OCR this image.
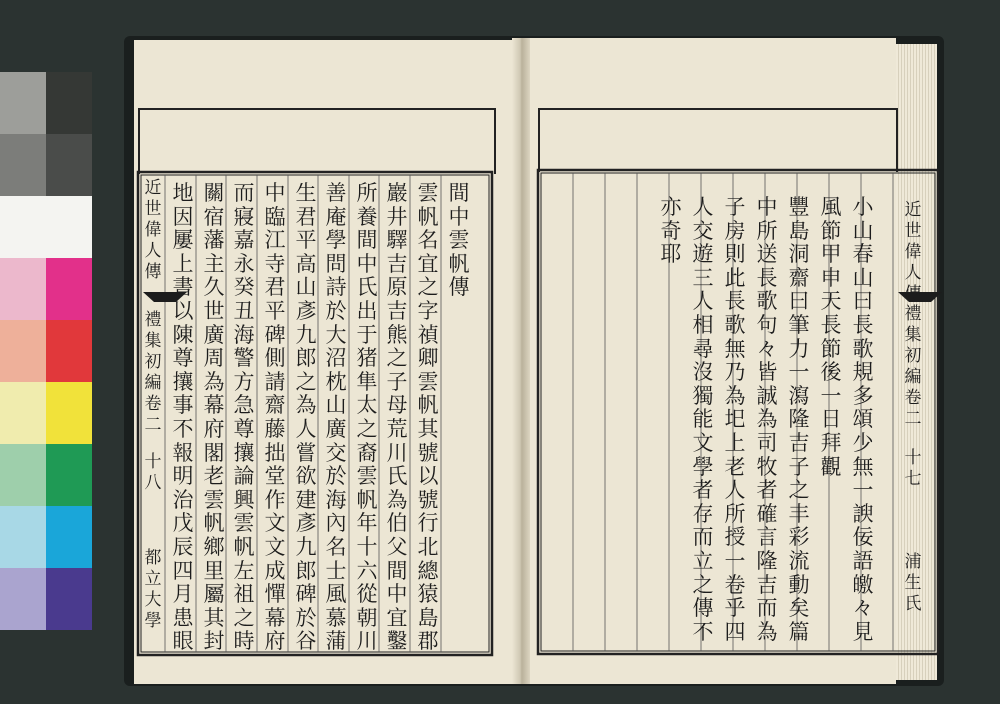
近
世
偉
人
傳
禮
集
初
編
卷
二
十
八
都
立
大
學
間
中
雲
帆
傳
雲
帆
名
宜
之
字
禎
卿
雲
帆
其
號
以
號
行
北
總
猿
島
郡
巖
井
驛
吉
原
吉
熊
之
子
母
荒
川
氏
為
伯
父
間
中
宜
鑿
所
養
間
中
氏
出
于
猪
隼
太
之
裔
雲
帆
年
十
六
從
朝
川
善
庵
學
問
詩
於
大
沼
枕
山
廣
交
於
海
內
名
士
風
慕
蒲
生
君
平
高
山
彥
九
郎
之
為
人
嘗
欲
建
彥
九
郎
碑
於
谷
中
臨
江
寺
君
平
碑
側
請
齋
藤
拙
堂
作
文
文
成
憚
幕
府
而
寢
嘉
永
癸
丑
海
警
方
急
尊
攘
論
興
雲
帆
左
祖
之
時
關
宿
藩
主
久
世
廣
周
為
幕
府
閣
老
雲
帆
鄉
里
屬
其
封
地
因
屢
上
書
以
陳
尊
攘
事
不
報
明
治
戊
辰
四
月
患
眼
近
世
偉
人
傳
禮
集
初
編
卷
二
十
七
浦
生
氏
小
山
春
山
曰
長
歌
規
多
頌
少
無
一
諛
佞
語
皦
々
見
風
節
甲
申
天
長
節
後
一
日
拜
觀
豐
島
洞
齋
曰
筆
力
一
瀉
隆
吉
子
之
丰
彩
流
動
矣
篇
中
所
送
長
歌
句
々
皆
誠
為
司
牧
者
確
言
隆
吉
而
為
子
房
則
此
長
歌
無
乃
為
圯
上
老
人
所
授
一
卷
乎
四
人
交
遊
三
人
相
尋
沒
獨
能
文
學
者
存
而
立
之
傳
不
亦
奇
耶
